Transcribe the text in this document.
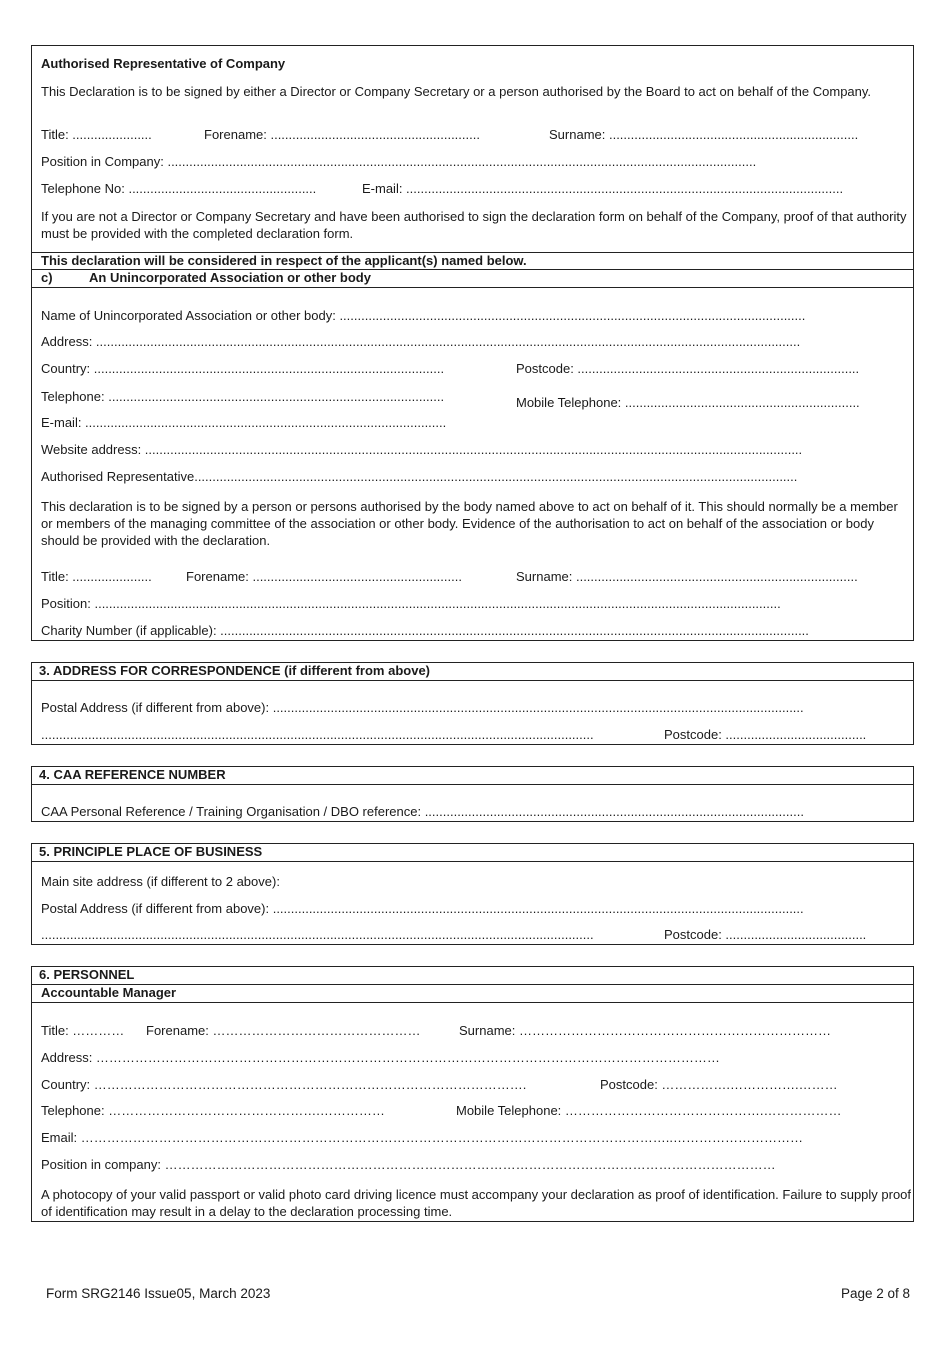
Authorised Representative of Company
This Declaration is to be signed by either a Director or Company Secretary or a person authorised by the Board to act on behalf of the Company.
Title: ......................	Forename: ..........................................................	Surname: .....................................................................
Position in Company: ...................................................................................................................................................................
Telephone No: ....................................................	E-mail: .........................................................................................................................
If you are not a Director or Company Secretary and have been authorised to sign the declaration form on behalf of the Company, proof of that authority must be provided with the completed declaration form.
This declaration will be considered in respect of the applicant(s) named below.
c)	An Unincorporated Association or other body
Name of Unincorporated Association or other body: .................................................................................................................................
Address: ...................................................................................................................................................................................................
Country: .................................................................................................	Postcode: ..............................................................................
Telephone: .............................................................................................	Mobile Telephone: .................................................................
E-mail: ....................................................................................................
Website address: ......................................................................................................................................................................................
Authorised Representative.......................................................................................................................................................................
This declaration is to be signed by a person or persons authorised by the body named above to act on behalf of it. This should normally be a member or members of the managing committee of the association or other body. Evidence of the authorisation to act on behalf of the association or body should be provided with the declaration.
Title: ......................	Forename: ..........................................................	Surname: ..............................................................................
Position: ..............................................................................................................................................................................................
Charity Number (if applicable): ...................................................................................................................................................................
3. ADDRESS FOR CORRESPONDENCE (if different from above)
Postal Address (if different from above): ...................................................................................................................................................
.........................................................................................................................................................	Postcode: .......................................
4. CAA REFERENCE NUMBER
CAA Personal Reference / Training Organisation / DBO reference: .........................................................................................................
5. PRINCIPLE PLACE OF BUSINESS
Main site address (if different to 2 above):
Postal Address (if different from above): ...................................................................................................................................................
.........................................................................................................................................................	Postcode: .......................................
6. PERSONNEL
Accountable Manager
Title: ………… Forename: …………………………………………	Surname: ………………………………………………………………
Address: ………………………………………………………………………………………………………………………………
Country: ……………………………………………………………………………………….	Postcode: …………….…………….………
Telephone: ………………………………………….……………	Mobile Telephone: ……………………………………….………………
Email: ………………………………………………………………………………………………………………………..…………………………
Position in company: ……………………………………………………………………………………………………………………………
A photocopy of your valid passport or valid photo card driving licence must accompany your declaration as proof of identification. Failure to supply proof of identification may result in a delay to the declaration processing time.
Form SRG2146 Issue05, March 2023	Page 2 of 8
